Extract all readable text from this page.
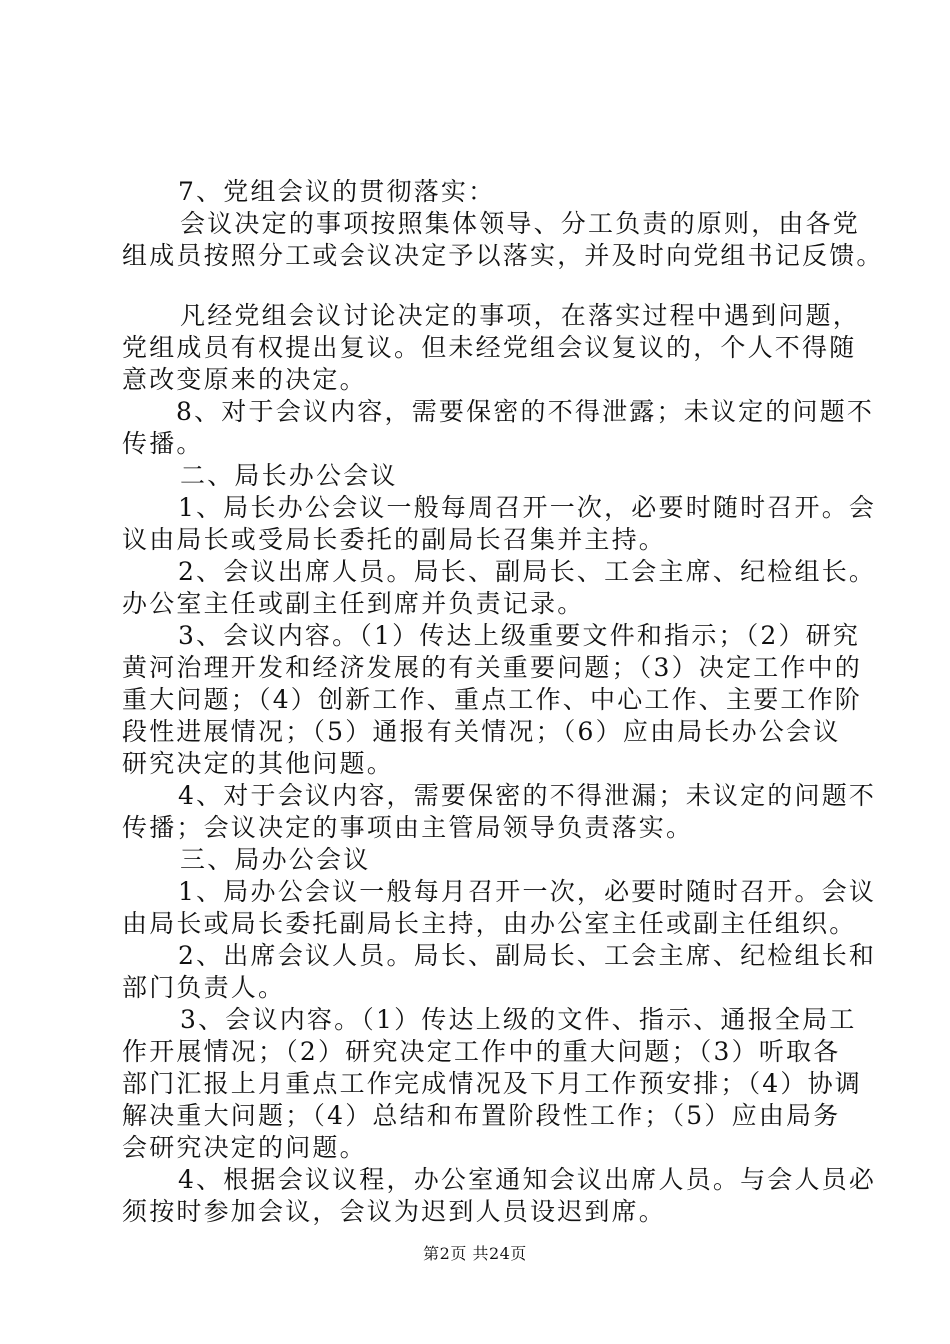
7、党组会议的贯彻落实：
会议决定的事项按照集体领导、分工负责的原则，由各党
组成员按照分工或会议决定予以落实，并及时向党组书记反馈。
凡经党组会议讨论决定的事项，在落实过程中遇到问题，
党组成员有权提出复议。但未经党组会议复议的，个人不得随
意改变原来的决定。
8、对于会议内容，需要保密的不得泄露；未议定的问题不
传播。
二、局长办公会议
1、局长办公会议一般每周召开一次，必要时随时召开。会
议由局长或受局长委托的副局长召集并主持。
2、会议出席人员。局长、副局长、工会主席、纪检组长。
办公室主任或副主任到席并负责记录。
3、会议内容。（1）传达上级重要文件和指示；（2）研究
黄河治理开发和经济发展的有关重要问题；（3）决定工作中的
重大问题；（4）创新工作、重点工作、中心工作、主要工作阶
段性进展情况；（5）通报有关情况；（6）应由局长办公会议
研究决定的其他问题。
4、对于会议内容，需要保密的不得泄漏；未议定的问题不
传播；会议决定的事项由主管局领导负责落实。
三、局办公会议
1、局办公会议一般每月召开一次，必要时随时召开。会议
由局长或局长委托副局长主持，由办公室主任或副主任组织。
2、出席会议人员。局长、副局长、工会主席、纪检组长和
部门负责人。
3、会议内容。（1）传达上级的文件、指示、通报全局工
作开展情况；（2）研究决定工作中的重大问题；（3）听取各
部门汇报上月重点工作完成情况及下月工作预安排；（4）协调
解决重大问题；（4）总结和布置阶段性工作；（5）应由局务
会研究决定的问题。
4、根据会议议程，办公室通知会议出席人员。与会人员必
须按时参加会议，会议为迟到人员设迟到席。
第2页 共24页
